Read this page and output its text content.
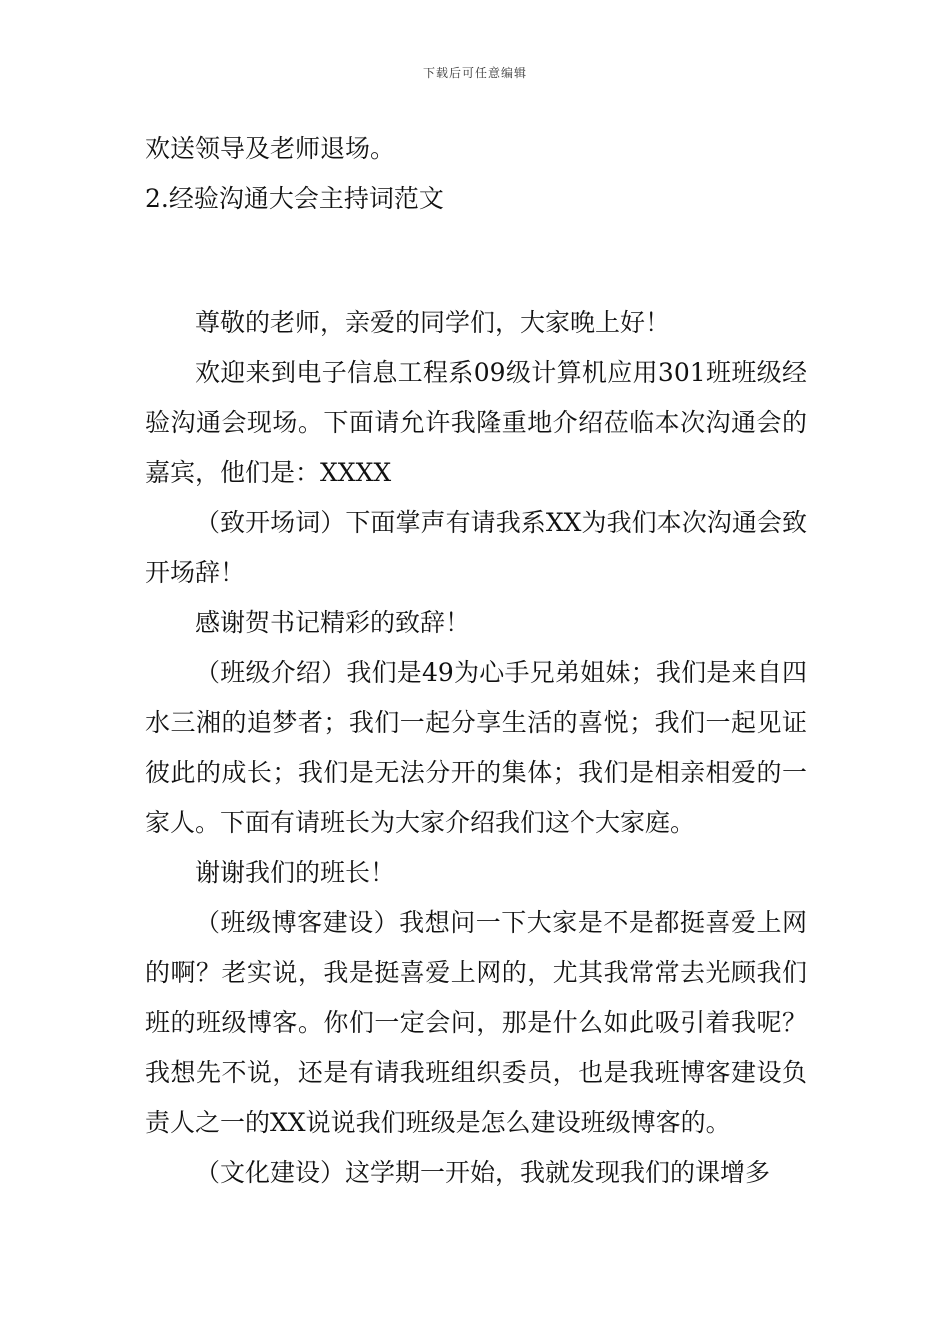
下载后可任意编辑

欢送领导及老师退场。

2.经验沟通大会主持词范文

尊敬的老师，亲爱的同学们，大家晚上好！

欢迎来到电子信息工程系09级计算机应用301班班级经验沟通会现场。下面请允许我隆重地介绍莅临本次沟通会的嘉宾，他们是：XXXX

（致开场词）下面掌声有请我系XX为我们本次沟通会致开场辞！

感谢贺书记精彩的致辞！

（班级介绍）我们是49为心手兄弟姐妹；我们是来自四水三湘的追梦者；我们一起分享生活的喜悦；我们一起见证彼此的成长；我们是无法分开的集体；我们是相亲相爱的一家人。下面有请班长为大家介绍我们这个大家庭。

谢谢我们的班长！

（班级博客建设）我想问一下大家是不是都挺喜爱上网的啊？老实说，我是挺喜爱上网的，尤其我常常去光顾我们班的班级博客。你们一定会问，那是什么如此吸引着我呢？我想先不说，还是有请我班组织委员，也是我班博客建设负责人之一的XX说说我们班级是怎么建设班级博客的。

（文化建设）这学期一开始，我就发现我们的课增多
